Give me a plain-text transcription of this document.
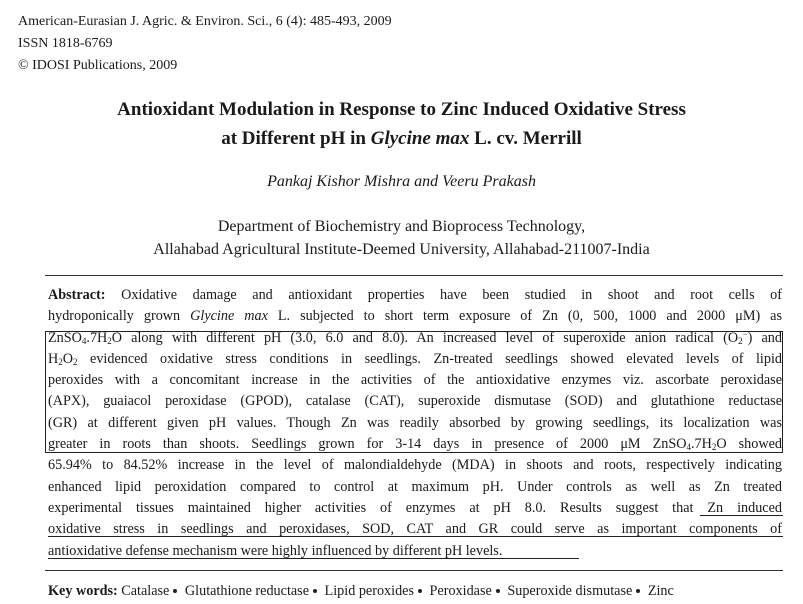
American-Eurasian J. Agric. & Environ. Sci., 6 (4): 485-493, 2009
ISSN 1818-6769
© IDOSI Publications, 2009
Antioxidant Modulation in Response to Zinc Induced Oxidative Stress
at Different pH in Glycine max L. cv. Merrill
Pankaj Kishor Mishra and Veeru Prakash
Department of Biochemistry and Bioprocess Technology,
Allahabad Agricultural Institute-Deemed University, Allahabad-211007-India
Abstract: Oxidative damage and antioxidant properties have been studied in shoot and root cells of
hydroponically grown Glycine max L. subjected to short term exposure of Zn (0, 500, 1000 and 2000 μM) as
$ZnSO_4.7H_2O$ along with different pH (3.0, 6.0 and 8.0). An increased level of superoxide anion radical $(O_2^-)$ and
$H_2O_2$ evidenced oxidative stress conditions in seedlings. Zn-treated seedlings showed elevated levels of lipid
peroxides with a concomitant increase in the activities of the antioxidative enzymes viz. ascorbate peroxidase
(APX), guaiacol peroxidase (GPOD), catalase (CAT), superoxide dismutase (SOD) and glutathione reductase
(GR) at different given pH values. Though Zn was readily absorbed by growing seedlings, its localization was
greater in roots than shoots. Seedlings grown for 3-14 days in presence of 2000 μM $ZnSO_4.7H_2O$ showed
65.94% to 84.52% increase in the level of malondialdehyde (MDA) in shoots and roots, respectively indicating
enhanced lipid peroxidation compared to control at maximum pH. Under controls as well as Zn treated
experimental tissues maintained higher activities of enzymes at pH 8.0. Results suggest that Zn induced
oxidative stress in seedlings and peroxidases, SOD, CAT and GR could serve as important components of
antioxidative defense mechanism were highly influenced by different pH levels.
Key words: Catalase Glutathione reductase Lipid peroxides Peroxidase Superoxide dismutase Zinc
